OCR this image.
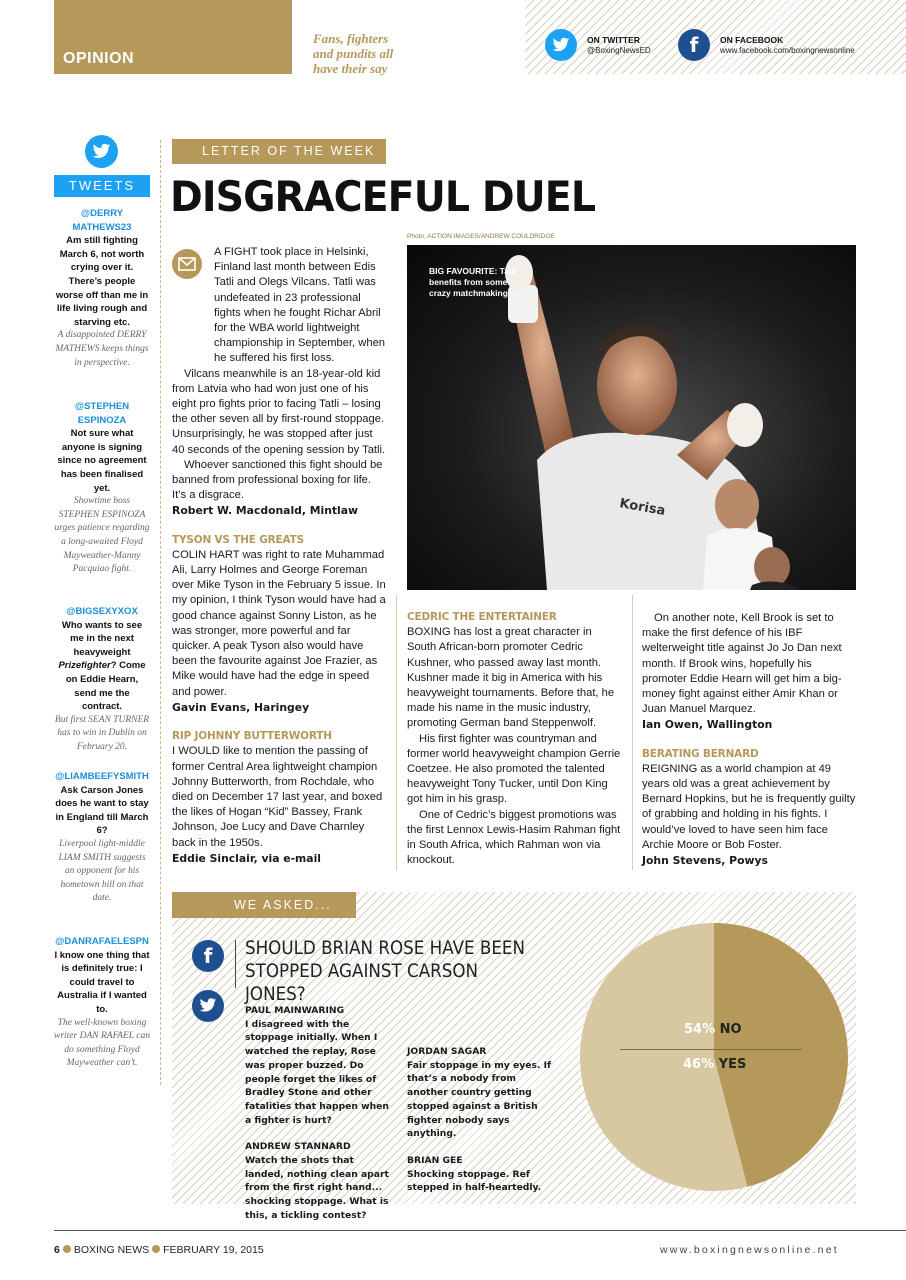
OPINION
Fans, fighters
and pundits all
have their say
ON TWITTER
@BoxingNewsED	f	ON FACEBOOK
www.facebook.com/boxingnewsonline
TWEETS
@DERRY MATHEWS23
Am still fighting March 6, not worth crying over it. There’s people worse off than me in life living rough and starving etc.
A disappointed DERRY MATHEWS keeps things in perspective.
@STEPHEN ESPINOZA
Not sure what anyone is signing since no agreement has been finalised yet.
Showtime boss STEPHEN ESPINOZA urges patience regarding a long-awaited Floyd Mayweather-Manny Pacquiao fight.
@BIGSEXYXOX
Who wants to see me in the next heavyweight Prizefighter? Come on Eddie Hearn, send me the contract.
But first SEAN TURNER has to win in Dublin on February 20.
@LIAMBEEFYSMITH
Ask Carson Jones does he want to stay in England till March 6?
Liverpool light-middle LIAM SMITH suggests an opponent for his hometown bill on that date.
@DANRAFAELESPN
I know one thing that is definitely true: I could travel to Australia if I wanted to.
The well-known boxing writer DAN RAFAEL can do something Floyd Mayweather can’t.
LETTER OF THE WEEK
DISGRACEFUL DUEL
Photo: ACTION IMAGES/ANDREW COULDRIDGE
Korisa
BIG FAVOURITE: Tatli benefits from some crazy matchmaking

A FIGHT took place in Helsinki, Finland last month between Edis Tatli and Olegs Vilcans. Tatli was undefeated in 23 professional fights when he fought Richar Abril for the WBA world lightweight championship in September, when he suffered his first loss.

Vilcans meanwhile is an 18-year-old kid from Latvia who had won just one of his eight pro fights prior to facing Tatli – losing the other seven all by first-round stoppage. Unsurprisingly, he was stopped after just 40 seconds of the opening session by Tatli.

Whoever sanctioned this fight should be banned from professional boxing for life. It’s a disgrace.

Robert W. Macdonald, Mintlaw

TYSON VS THE GREATS

COLIN HART was right to rate Muhammad Ali, Larry Holmes and George Foreman over Mike Tyson in the February 5 issue. In my opinion, I think Tyson would have had a good chance against Sonny Liston, as he was stronger, more powerful and far quicker. A peak Tyson also would have been the favourite against Joe Frazier, as Mike would have had the edge in speed and power.

Gavin Evans, Haringey

RIP JOHNNY BUTTERWORTH

I WOULD like to mention the passing of former Central Area lightweight champion Johnny Butterworth, from Rochdale, who died on December 17 last year, and boxed the likes of Hogan “Kid” Bassey, Frank Johnson, Joe Lucy and Dave Charnley back in the 1950s.

Eddie Sinclair, via e-mail

CEDRIC THE ENTERTAINER

BOXING has lost a great character in South African-born promoter Cedric Kushner, who passed away last month. Kushner made it big in America with his heavyweight tournaments. Before that, he made his name in the music industry, promoting German band Steppenwolf.

His first fighter was countryman and former world heavyweight champion Gerrie Coetzee. He also promoted the talented heavyweight Tony Tucker, until Don King got him in his grasp.

One of Cedric’s biggest promotions was the first Lennox Lewis-Hasim Rahman fight in South Africa, which Rahman won via knockout.

On another note, Kell Brook is set to make the first defence of his IBF welterweight title against Jo Jo Dan next month. If Brook wins, hopefully his promoter Eddie Hearn will get him a big-money fight against either Amir Khan or Juan Manuel Marquez.

Ian Owen, Wallington

BERATING BERNARD

REIGNING as a world champion at 49 years old was a great achievement by Bernard Hopkins, but he is frequently guilty of grabbing and holding in his fights. I would’ve loved to have seen him face Archie Moore or Bob Foster.

John Stevens, Powys

WE ASKED...
f	SHOULD BRIAN ROSE HAVE BEEN STOPPED AGAINST CARSON JONES?
PAUL MAINWARING
I disagreed with the stoppage initially. When I watched the replay, Rose was proper buzzed. Do people forget the likes of Bradley Stone and other fatalities that happen when a fighter is hurt?
ANDREW STANNARD
Watch the shots that landed, nothing clean apart from the first right hand... shocking stoppage. What is this, a tickling contest?
JORDAN SAGAR
Fair stoppage in my eyes. If that’s a nobody from another country getting stopped against a British fighter nobody says anything.
BRIAN GEE
Shocking stoppage. Ref stepped in half-heartedly.
54% NO
46% YES
6 BOXING NEWS FEBRUARY 19, 2015	www.boxingnewsonline.net
